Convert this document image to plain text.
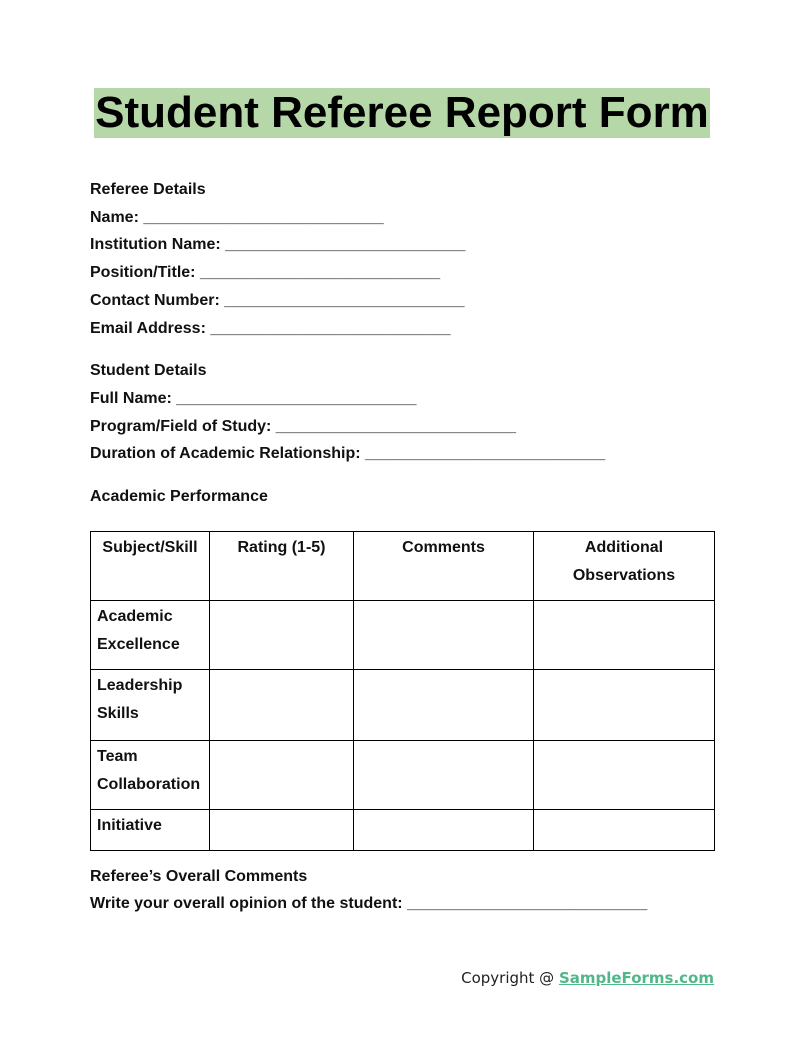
Student Referee Report Form
Referee Details
Name: ___________________________
Institution Name: ___________________________
Position/Title: ___________________________
Contact Number: ___________________________
Email Address: ___________________________
Student Details
Full Name: ___________________________
Program/Field of Study: ___________________________
Duration of Academic Relationship: ___________________________
Academic Performance
Subject/Skill	Rating (1-5)	Comments	Additional Observations
Academic Excellence			
Leadership Skills			
Team Collaboration			
Initiative			
Referee’s Overall Comments
Write your overall opinion of the student: ___________________________
Copyright @ SampleForms.com
